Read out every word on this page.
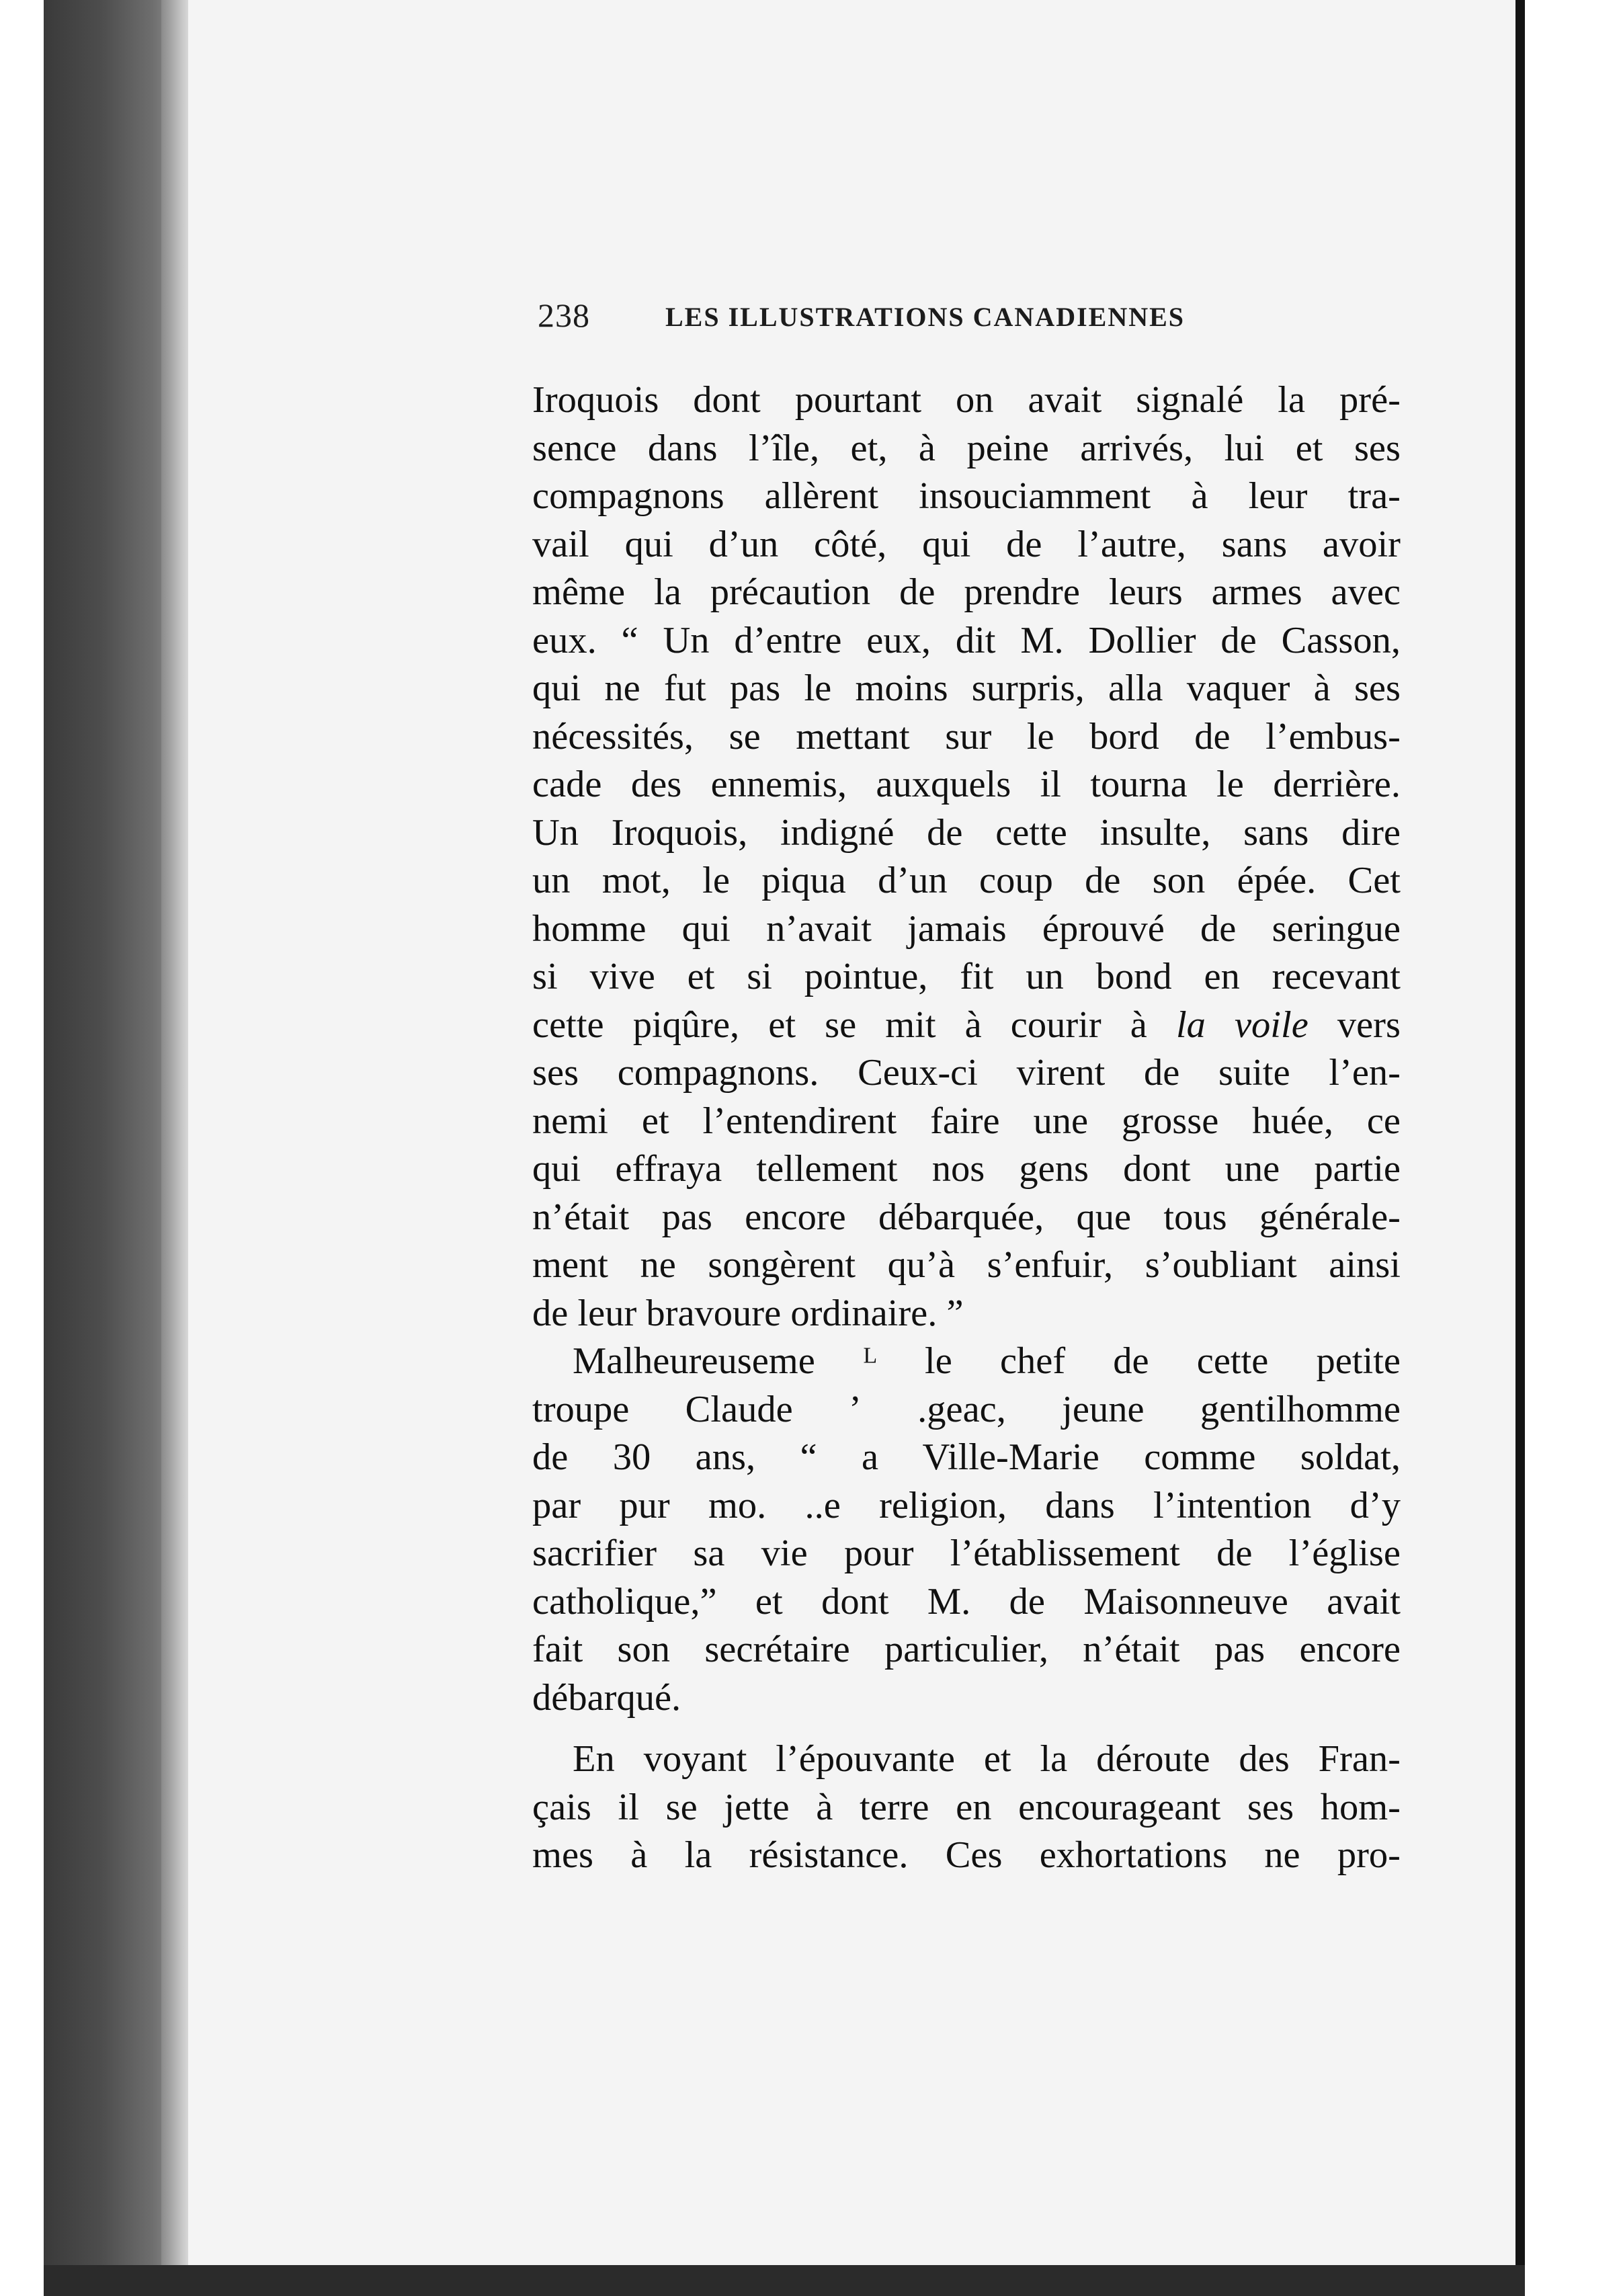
238	LES ILLUSTRATIONS CANADIENNES
Iroquois dont pourtant on avait signalé la pré-
sence dans l’île, et, à peine arrivés, lui et ses
compagnons allèrent insouciamment à leur tra-
vail qui d’un côté, qui de l’autre, sans avoir
même la précaution de prendre leurs armes avec
eux. “ Un d’entre eux, dit M. Dollier de Casson,
qui ne fut pas le moins surpris, alla vaquer à ses
nécessités, se mettant sur le bord de l’embus-
cade des ennemis, auxquels il tourna le derrière.
Un Iroquois, indigné de cette insulte, sans dire
un mot, le piqua d’un coup de son épée. Cet
homme qui n’avait jamais éprouvé de seringue
si vive et si pointue, fit un bond en recevant
cette piqûre, et se mit à courir à la voile vers
ses compagnons. Ceux-ci virent de suite l’en-
nemi et l’entendirent faire une grosse huée, ce
qui effraya tellement nos gens dont une partie
n’était pas encore débarquée, que tous générale-
ment ne songèrent qu’à s’enfuir, s’oubliant ainsi
de leur bravoure ordinaire. ”
Malheureuseme ᴸ le chef de cette petite
troupe Claude ʼ .geac, jeune gentilhomme
de 30 ans, “ a Ville-Marie comme soldat,
par pur mo. ..e religion, dans l’intention d’y
sacrifier sa vie pour l’établissement de l’église
catholique,” et dont M. de Maisonneuve avait
fait son secrétaire particulier, n’était pas encore
débarqué.
En voyant l’épouvante et la déroute des Fran-
çais il se jette à terre en encourageant ses hom-
mes à la résistance. Ces exhortations ne pro-
